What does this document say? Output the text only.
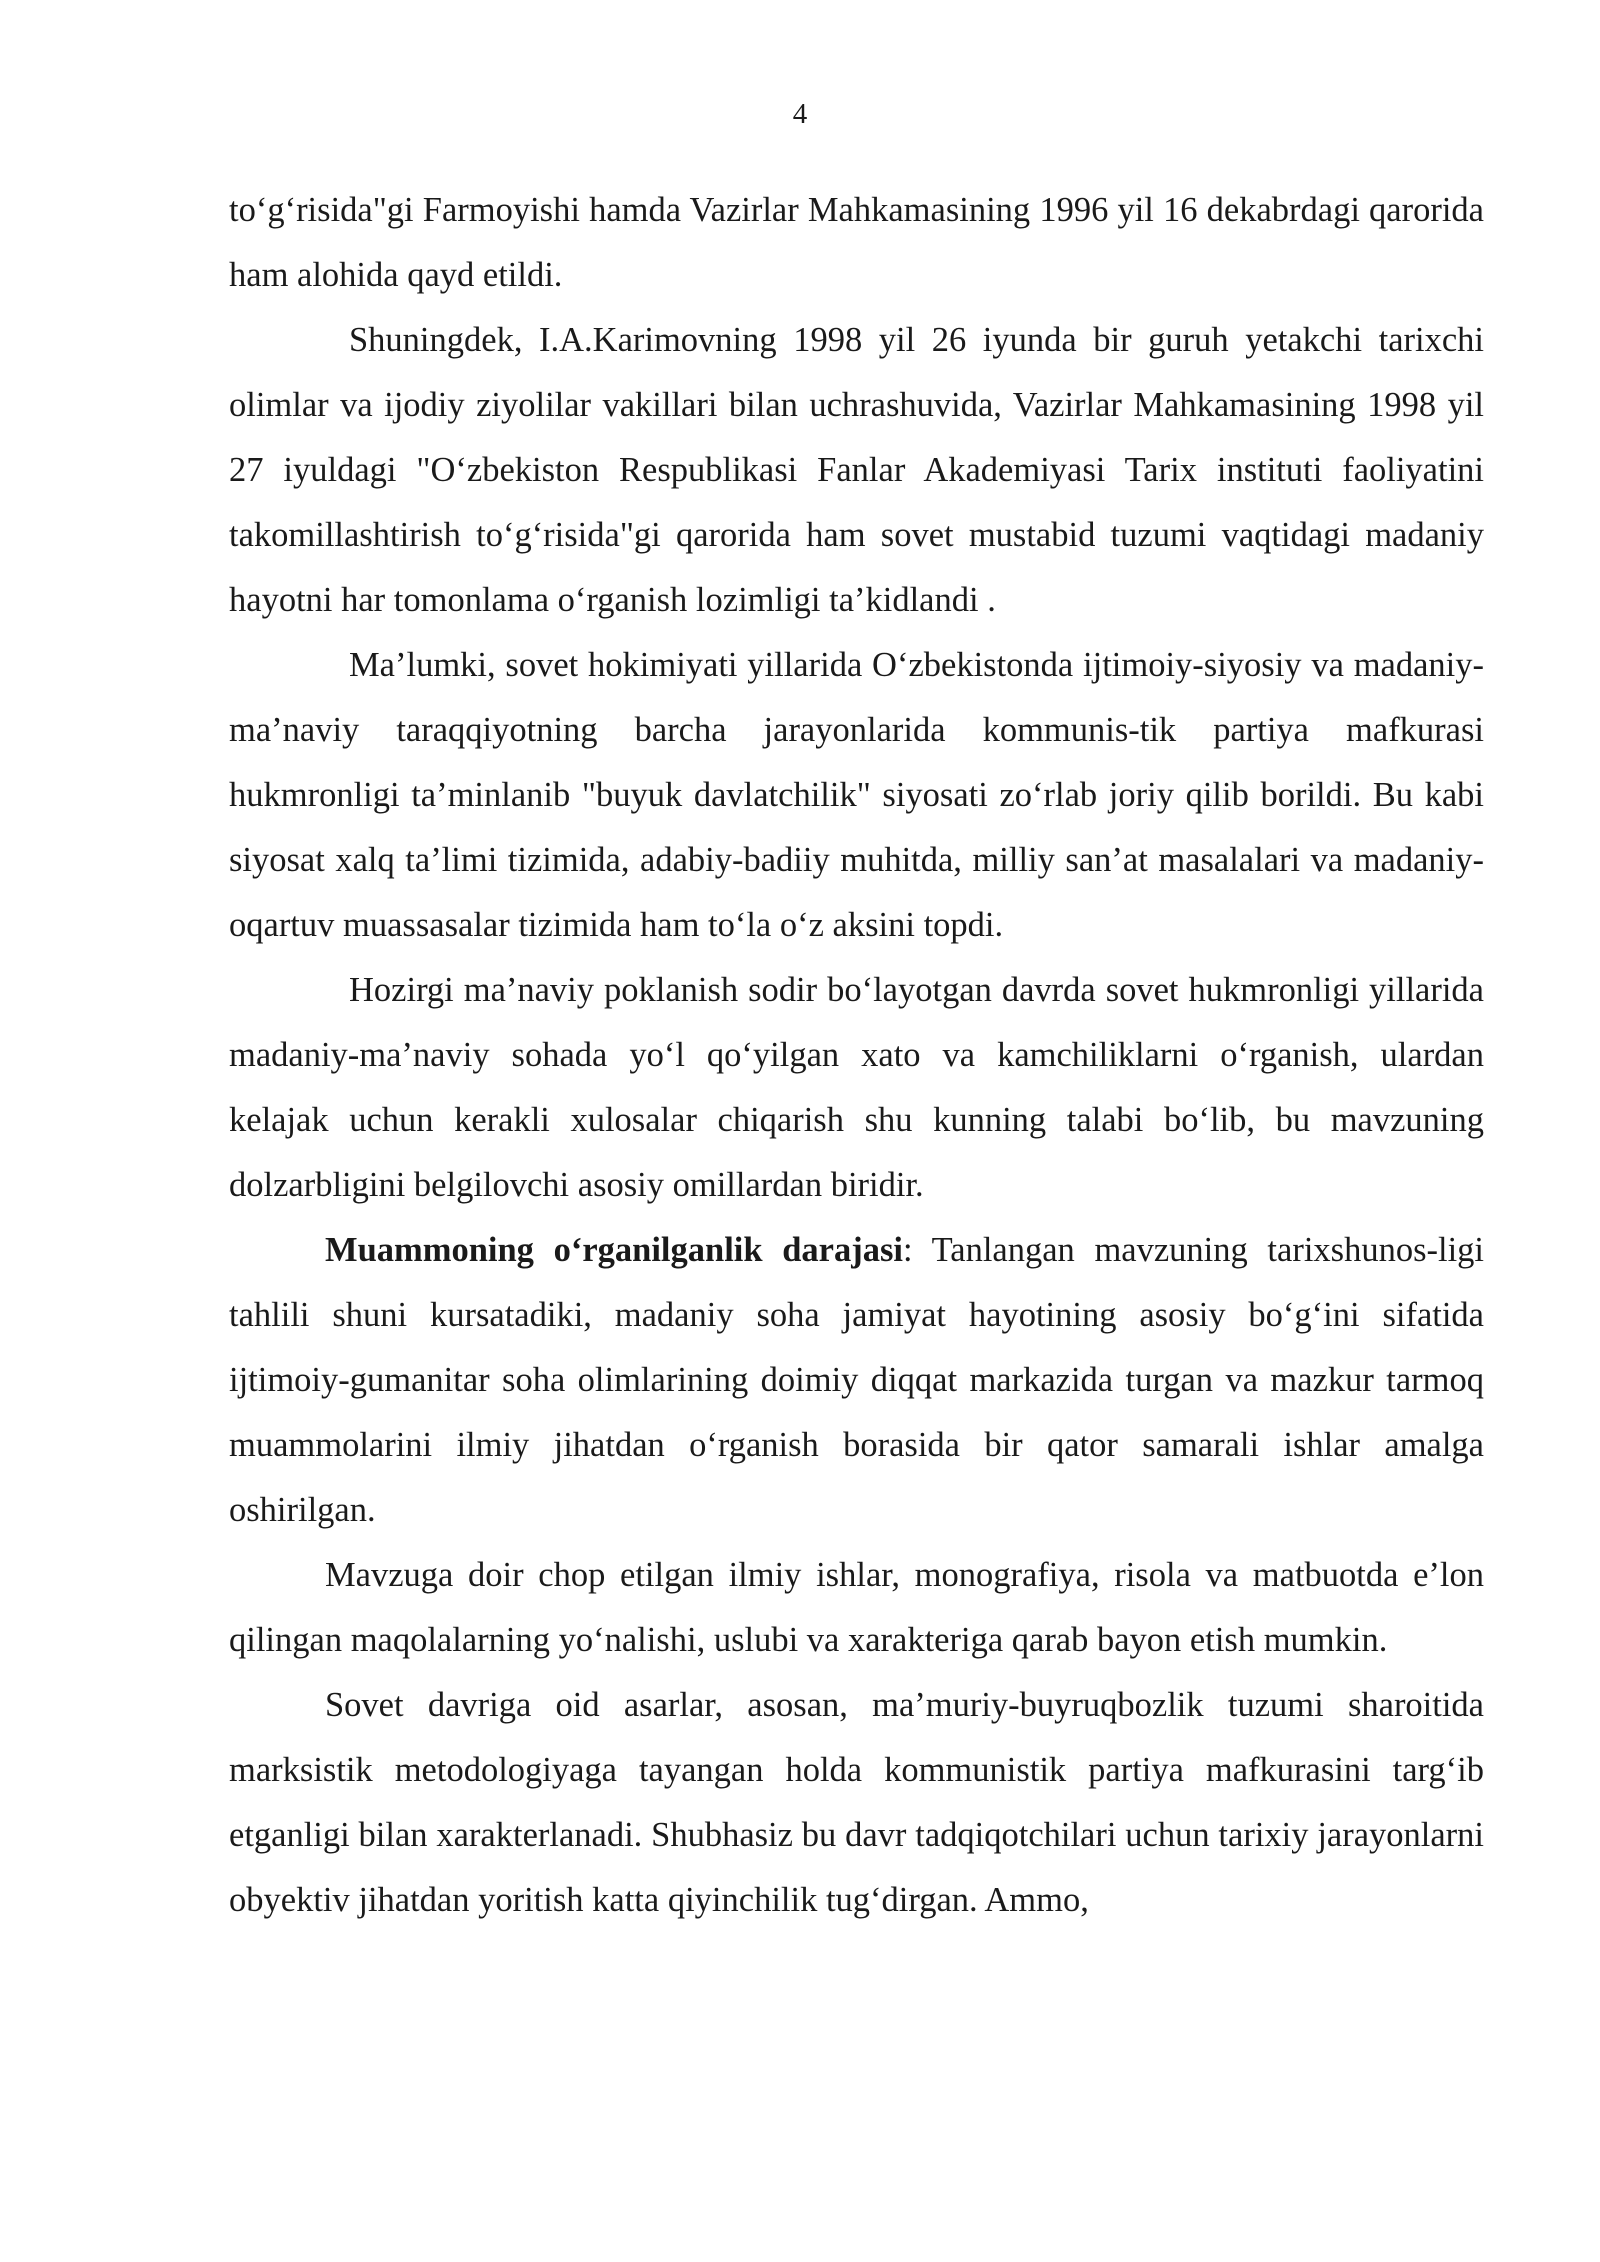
4

to‘g‘risida"gi Farmoyishi hamda Vazirlar Mahkamasining 1996 yil 16 dekabrdagi qarorida ham alohida qayd etildi.

Shuningdek, I.A.Karimovning 1998 yil 26 iyunda bir guruh yetakchi tarixchi olimlar va ijodiy ziyolilar vakillari bilan uchrashuvida, Vazirlar Mahkamasining 1998 yil 27 iyuldagi "O‘zbekiston Respublikasi Fanlar Akademiyasi Tarix instituti faoliyatini takomillashtirish to‘g‘risida"gi qarorida ham sovet mustabid tuzumi vaqtidagi madaniy hayotni har tomonlama o‘rganish lozimligi ta’kidlandi .

Ma’lumki, sovet hokimiyati yillarida O‘zbekistonda ijtimoiy-siyosiy va madaniy-ma’naviy taraqqiyotning barcha jarayonlarida kommunis-tik partiya mafkurasi hukmronligi ta’minlanib "buyuk davlatchilik" siyosati zo‘rlab joriy qilib borildi. Bu kabi siyosat xalq ta’limi tizimida, adabiy-badiiy muhitda, milliy san’at masalalari va madaniy-oqartuv muassasalar tizimida ham to‘la o‘z aksini topdi.

Hozirgi ma’naviy poklanish sodir bo‘layotgan davrda sovet hukmronligi yillarida madaniy-ma’naviy sohada yo‘l qo‘yilgan xato va kamchiliklarni o‘rganish, ulardan kelajak uchun kerakli xulosalar chiqarish shu kunning talabi bo‘lib, bu mavzuning dolzarbligini belgilovchi asosiy omillardan biridir.

Muammoning o‘rganilganlik darajasi: Tanlangan mavzuning tarixshunos-ligi tahlili shuni kursatadiki, madaniy soha jamiyat hayotining asosiy bo‘g‘ini sifatida ijtimoiy-gumanitar soha olimlarining doimiy diqqat markazida turgan va mazkur tarmoq muammolarini ilmiy jihatdan o‘rganish borasida bir qator samarali ishlar amalga oshirilgan.

Mavzuga doir chop etilgan ilmiy ishlar, monografiya, risola va matbuotda e’lon qilingan maqolalarning yo‘nalishi, uslubi va xarakteriga qarab bayon etish mumkin.

Sovet davriga oid asarlar, asosan, ma’muriy-buyruqbozlik tuzumi sharoitida marksistik metodologiyaga tayangan holda kommunistik partiya mafkurasini targ‘ib etganligi bilan xarakterlanadi. Shubhasiz bu davr tadqiqotchilari uchun tarixiy jarayonlarni obyektiv jihatdan yoritish katta qiyinchilik tug‘dirgan. Ammo,
